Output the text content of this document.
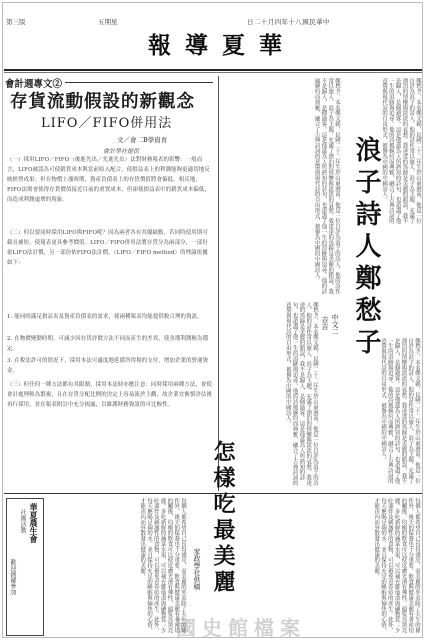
第三版	五期星
報導夏華
日二十月四年十八國民華中
會計週專文②
存貨流動假設的新觀念
LIFO／FIFO併用法
文／會二B學資育
會計學社提供
（一）採用LIFO／FIFO（後進先出／先進先出）法對財務報表的影響：一般而言，LIFO被認為可使銷貨成本與當前收入配合，使損益表上的利潤能夠更適切地反映經營成果；但在物價上漲時期，資產負債表上的存貨價值將會偏低。相反地，FIFO法則會使得存貨價值接近目前的重置成本，但卻使損益表中的銷貨成本偏低，而造成利潤虛增的現象。
（二）何以要同時採用LIFO與FIFO呢？因為兩者各有其優缺點，若同時使用則可截長補短，使報表更具參考價值。LIFO／FIFO併用法將存貨分為兩部分，一部份依LIFO法計價，另一部份依FIFO法計價，（LIFO／FIFO method）的理論依據如下：
1. 能同時滿足損益表及資產負債表的需求，使兩種報表均能提供較合理的資訊。
2. 在物價變動時期，可減少因存貨評價方法不同而產生的差異，使各期利潤較為穩定。
3. 在稅法許可的情況下，採用本法可適度地延緩所得稅的支付，增加企業的營運資金。
（三）但任何一種方法都有其限制，採用本法時亦應注意：同時採用兩種方法，會使會計處理較為繁複，且在存貨分配比例的決定上容易流於主觀，故企業宜審慎評估後再行採用，並在報表附註中充分揭露，以維護財務資訊的可比較性。
鄭愁予，本名鄭文韜，民國二十二年生於山東濟南。他是一位自許為浪子的詩人，他的詩作常以旅人、浪子為主題，充滿了漂泊的情懷與淡淡的哀愁。我達達的馬蹄是美麗的錯誤，我不是歸人，是個過客。這是他最為人所熟知的詩句，也道盡了他一生的浪跡與追尋。他的詩風婉約而典雅，融合了古典詩詞的意境與現代詩的自由形式，被譽為中國的中國詩人。
鄭愁予，本名鄭文韜，民國二十二年生於山東濟南。他是一位自許為浪子的詩人，他的詩作常以旅人、浪子為主題，充滿了漂泊的情懷與淡淡的哀愁。我達達的馬蹄是美麗的錯誤，我不是歸人，是個過客。這是他最為人所熟知的詩句，也道盡了他一生的浪跡與追尋。他的詩風婉約而典雅，融合了古典詩詞的意境與現代詩的自由形式，被譽為中國的中國詩人。
鄭愁予，本名鄭文韜，民國二十二年生於山東濟南。他是一位自許為浪子的詩人，他的詩作常以旅人、浪子為主題，充滿了漂泊的情懷與淡淡的哀愁。我達達的馬蹄是美麗的錯誤，我不是歸人，是個過客。這是他最為人所熟知的詩句，也道盡了他一生的浪跡與追尋。他的詩風婉約而典雅，融合了古典詩詞的意境與現代詩的自由形式，被譽為中國的中國詩人。	鄭愁予，本名鄭文韜，民國二十二年生於山東濟南。他是一位自許為浪子的詩人，他的詩作常以旅人、浪子為主題，充滿了漂泊的情懷與淡淡的哀愁。我達達的馬蹄是美麗的錯誤，我不是歸人，是個過客。這是他最為人所熟知的詩句，也道盡了他一生的浪跡與追尋。他的詩風婉約而典雅，融合了古典詩詞的意境與現代詩的自由形式，被譽為中國的中國詩人。
浪子詩人鄭愁子
中文二
吉吉
華夏農生會
社團活動
歡迎踴躍參加	每個人都希望自己長得漂亮，而美麗的外表除了天生的條件外，後天的保養也十分重要。飲食與健康美麗有著密切的關係，均衡的飲食可以使皮膚光滑有彈性，頭髮烏黑亮麗。多吃新鮮的蔬菜水果，可以補充維他命與礦物質；少吃油炸及刺激性的食物，可以避免青春痘的產生。此外，每天應喝足夠的水，並且保持充足的睡眠與愉快的心情，才能由內而外散發出健康的美麗。	怎樣吃最美麗
家政學社供稿	每個人都希望自己長得漂亮，而美麗的外表除了天生的條件外，後天的保養也十分重要。飲食與健康美麗有著密切的關係，均衡的飲食可以使皮膚光滑有彈性，頭髮烏黑亮麗。多吃新鮮的蔬菜水果，可以補充維他命與礦物質；少吃油炸及刺激性的食物，可以避免青春痘的產生。此外，每天應喝足夠的水，並且保持充足的睡眠與愉快的心情，才能由內而外散發出健康的美麗。
國史館檔案
